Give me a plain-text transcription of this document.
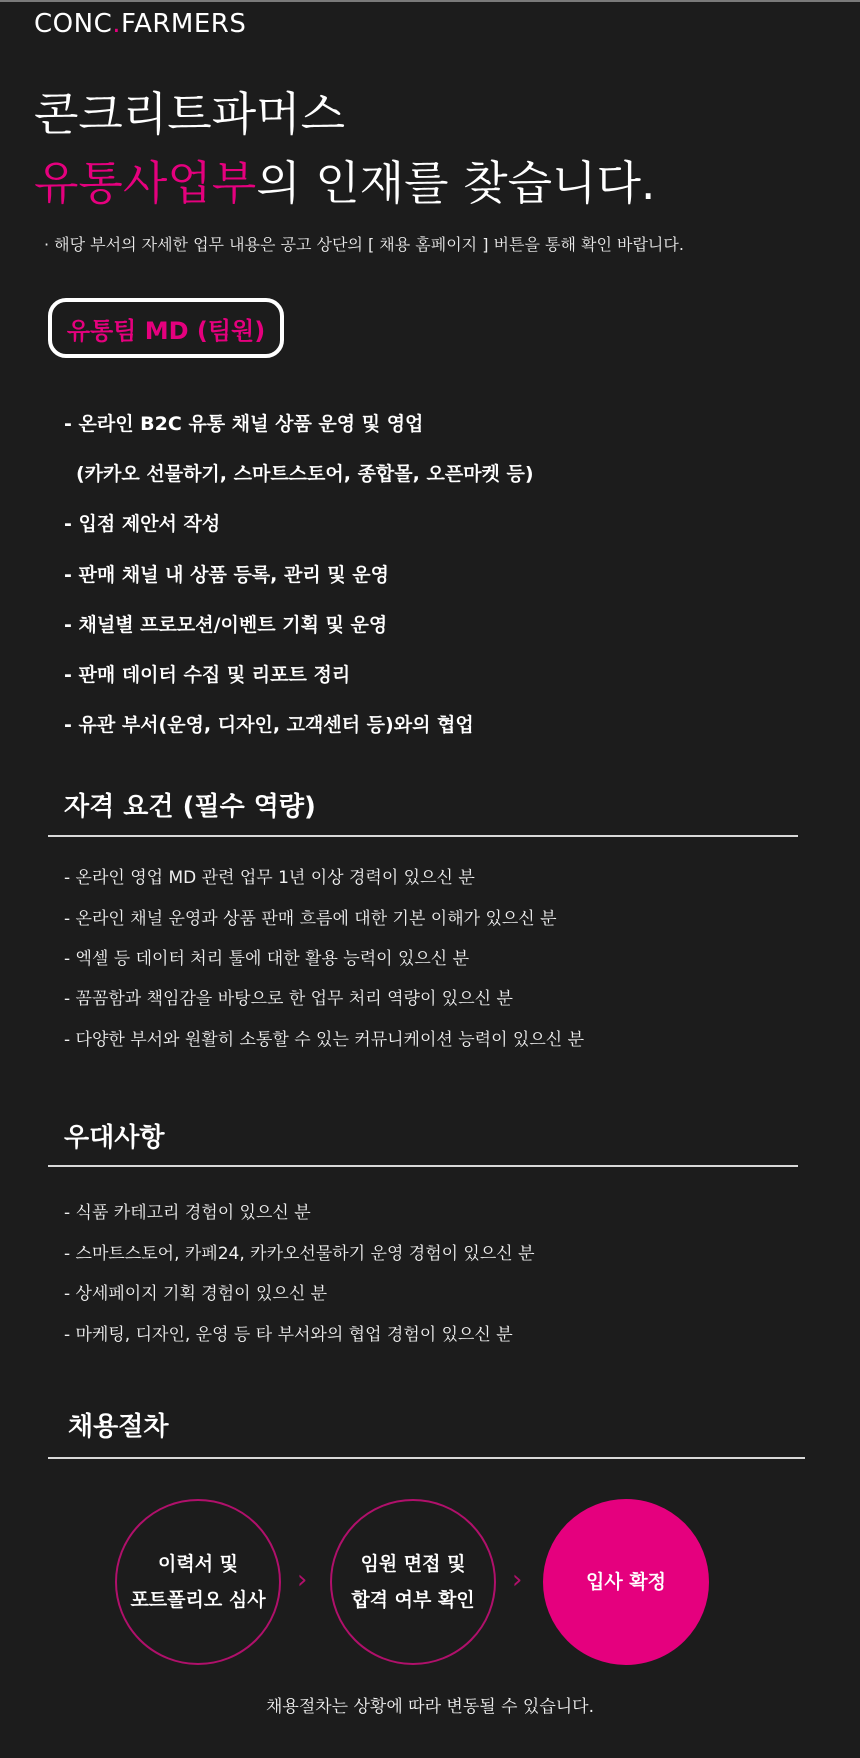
CONC.FARMERS
콘크리트파머스
유통사업부의 인재를 찾습니다.
· 해당 부서의 자세한 업무 내용은 공고 상단의 [ 채용 홈페이지 ] 버튼을 통해 확인 바랍니다.
유통팀 MD (팀원)
- 온라인 B2C 유통 채널 상품 운영 및 영업
(카카오 선물하기, 스마트스토어, 종합몰, 오픈마켓 등)
- 입점 제안서 작성
- 판매 채널 내 상품 등록, 관리 및 운영
- 채널별 프로모션/이벤트 기획 및 운영
- 판매 데이터 수집 및 리포트 정리
- 유관 부서(운영, 디자인, 고객센터 등)와의 협업
자격 요건 (필수 역량)
- 온라인 영업 MD 관련 업무 1년 이상 경력이 있으신 분
- 온라인 채널 운영과 상품 판매 흐름에 대한 기본 이해가 있으신 분
- 엑셀 등 데이터 처리 툴에 대한 활용 능력이 있으신 분
- 꼼꼼함과 책임감을 바탕으로 한 업무 처리 역량이 있으신 분
- 다양한 부서와 원활히 소통할 수 있는 커뮤니케이션 능력이 있으신 분
우대사항
- 식품 카테고리 경험이 있으신 분
- 스마트스토어, 카페24, 카카오선물하기 운영 경험이 있으신 분
- 상세페이지 기획 경험이 있으신 분
- 마케팅, 디자인, 운영 등 타 부서와의 협업 경험이 있으신 분
채용절차
이력서 및
포트폴리오 심사
›
임원 면접 및
합격 여부 확인
›	입사 확정
채용절차는 상황에 따라 변동될 수 있습니다.
